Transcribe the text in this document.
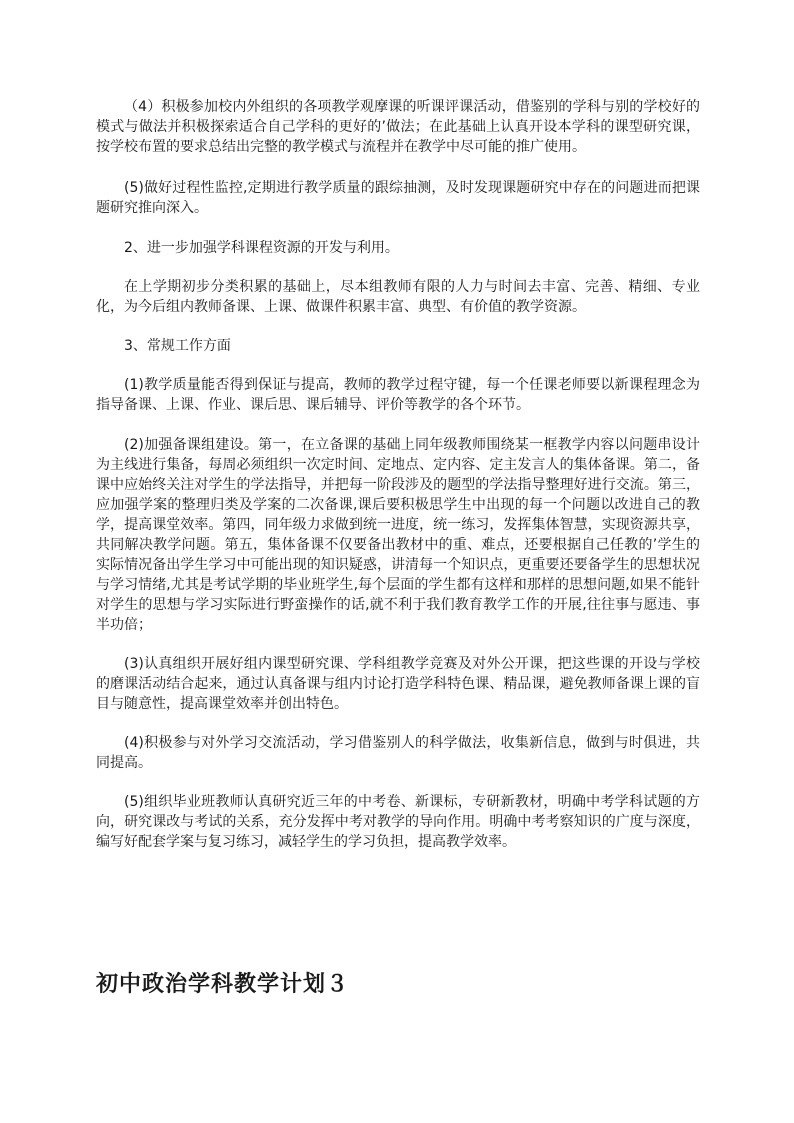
（4）积极参加校内外组织的各项教学观摩课的听课评课活动，借鉴别的学科与别的学校好的模式与做法并积极探索适合自己学科的更好的’做法；在此基础上认真开设本学科的课型研究课，按学校布置的要求总结出完整的教学模式与流程并在教学中尽可能的推广使用。

(5)做好过程性监控,定期进行教学质量的跟综抽测，及时发现课题研究中存在的问题进而把课题研究推向深入。

2、进一步加强学科课程资源的开发与利用。

在上学期初步分类积累的基础上，尽本组教师有限的人力与时间去丰富、完善、精细、专业化，为今后组内教师备课、上课、做课件积累丰富、典型、有价值的教学资源。

3、常规工作方面

(1)教学质量能否得到保证与提高，教师的教学过程守键，每一个任课老师要以新课程理念为指导备课、上课、作业、课后思、课后辅导、评价等教学的各个环节。

(2)加强备课组建设。第一，在立备课的基础上同年级教师围绕某一框教学内容以问题串设计为主线进行集备，每周必须组织一次定时间、定地点、定内容、定主发言人的集体备课。第二，备课中应始终关注对学生的学法指导，并把每一阶段涉及的题型的学法指导整理好进行交流。第三，应加强学案的整理归类及学案的二次备课,课后要积极思学生中出现的每一个问题以改进自己的教学，提高课堂效率。第四，同年级力求做到统一进度，统一练习，发挥集体智慧，实现资源共享，共同解决教学问题。第五，集体备课不仅要备出教材中的重、难点，还要根据自己任教的’学生的实际情况备出学生学习中可能出现的知识疑惑，讲清每一个知识点，更重要还要备学生的思想状况与学习情绪,尤其是考试学期的毕业班学生,每个层面的学生都有这样和那样的思想问题,如果不能针对学生的思想与学习实际进行野蛮操作的话,就不利于我们教育教学工作的开展,往往事与愿违、事半功倍；

(3)认真组织开展好组内课型研究课、学科组教学竞赛及对外公开课，把这些课的开设与学校的磨课活动结合起来，通过认真备课与组内讨论打造学科特色课、精品课，避免教师备课上课的盲目与随意性，提高课堂效率并创出特色。

(4)积极参与对外学习交流活动，学习借鉴别人的科学做法，收集新信息，做到与时俱进，共同提高。

(5)组织毕业班教师认真研究近三年的中考卷、新课标，专研新教材，明确中考学科试题的方向，研究课改与考试的关系，充分发挥中考对教学的导向作用。明确中考考察知识的广度与深度，编写好配套学案与复习练习，减轻学生的学习负担，提高教学效率。

初中政治学科教学计划３
